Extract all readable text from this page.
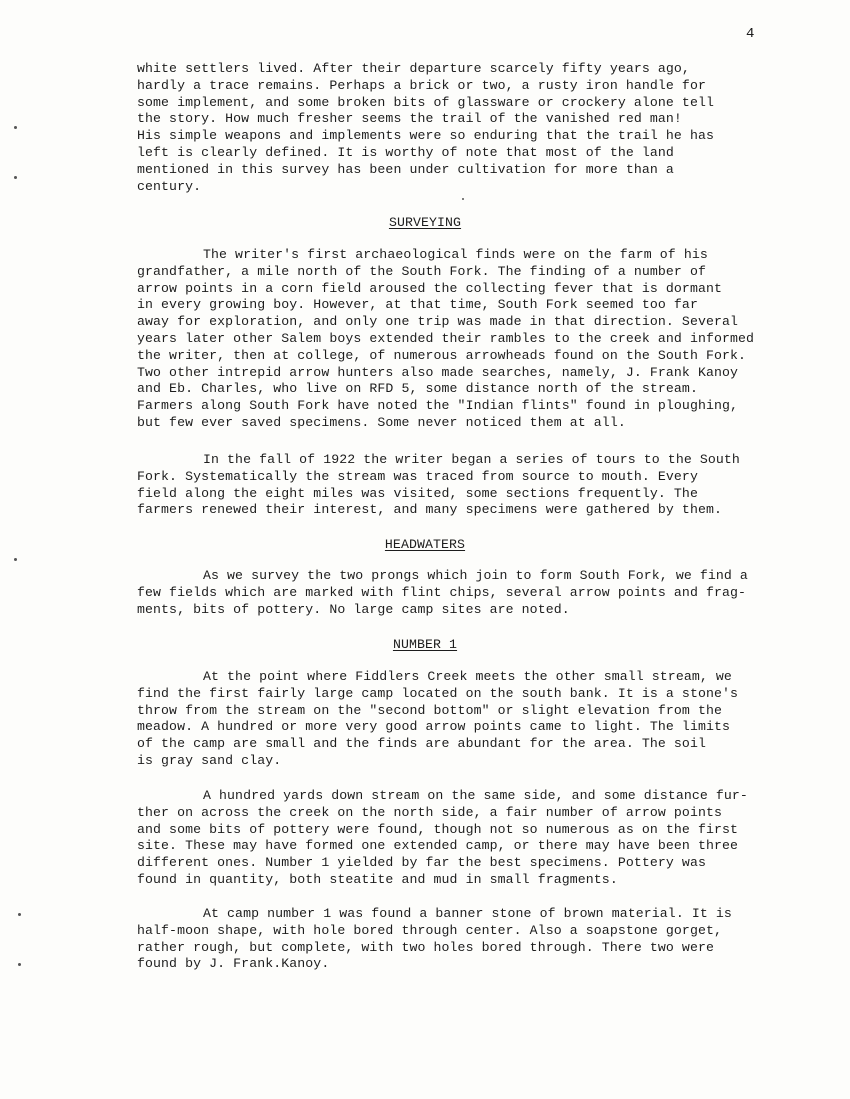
4
white settlers lived. After their departure scarcely fifty years ago,
hardly a trace remains. Perhaps a brick or two, a rusty iron handle for
some implement, and some broken bits of glassware or crockery alone tell
the story. How much fresher seems the trail of the vanished red man!
His simple weapons and implements were so enduring that the trail he has
left is clearly defined. It is worthy of note that most of the land
mentioned in this survey has been under cultivation for more than a
century.
SURVEYING
The writer's first archaeological finds were on the farm of his
grandfather, a mile north of the South Fork. The finding of a number of
arrow points in a corn field aroused the collecting fever that is dormant
in every growing boy. However, at that time, South Fork seemed too far
away for exploration, and only one trip was made in that direction. Several
years later other Salem boys extended their rambles to the creek and informed
the writer, then at college, of numerous arrowheads found on the South Fork.
Two other intrepid arrow hunters also made searches, namely, J. Frank Kanoy
and Eb. Charles, who live on RFD 5, some distance north of the stream.
Farmers along South Fork have noted the "Indian flints" found in ploughing,
but few ever saved specimens. Some never noticed them at all.
In the fall of 1922 the writer began a series of tours to the South
Fork. Systematically the stream was traced from source to mouth. Every
field along the eight miles was visited, some sections frequently. The
farmers renewed their interest, and many specimens were gathered by them.
HEADWATERS
As we survey the two prongs which join to form South Fork, we find a
few fields which are marked with flint chips, several arrow points and frag-
ments, bits of pottery. No large camp sites are noted.
NUMBER 1
At the point where Fiddlers Creek meets the other small stream, we
find the first fairly large camp located on the south bank. It is a stone's
throw from the stream on the "second bottom" or slight elevation from the
meadow. A hundred or more very good arrow points came to light. The limits
of the camp are small and the finds are abundant for the area. The soil
is gray sand clay.
A hundred yards down stream on the same side, and some distance fur-
ther on across the creek on the north side, a fair number of arrow points
and some bits of pottery were found, though not so numerous as on the first
site. These may have formed one extended camp, or there may have been three
different ones. Number 1 yielded by far the best specimens. Pottery was
found in quantity, both steatite and mud in small fragments.
At camp number 1 was found a banner stone of brown material. It is
half-moon shape, with hole bored through center. Also a soapstone gorget,
rather rough, but complete, with two holes bored through. There two were
found by J. Frank.Kanoy.
